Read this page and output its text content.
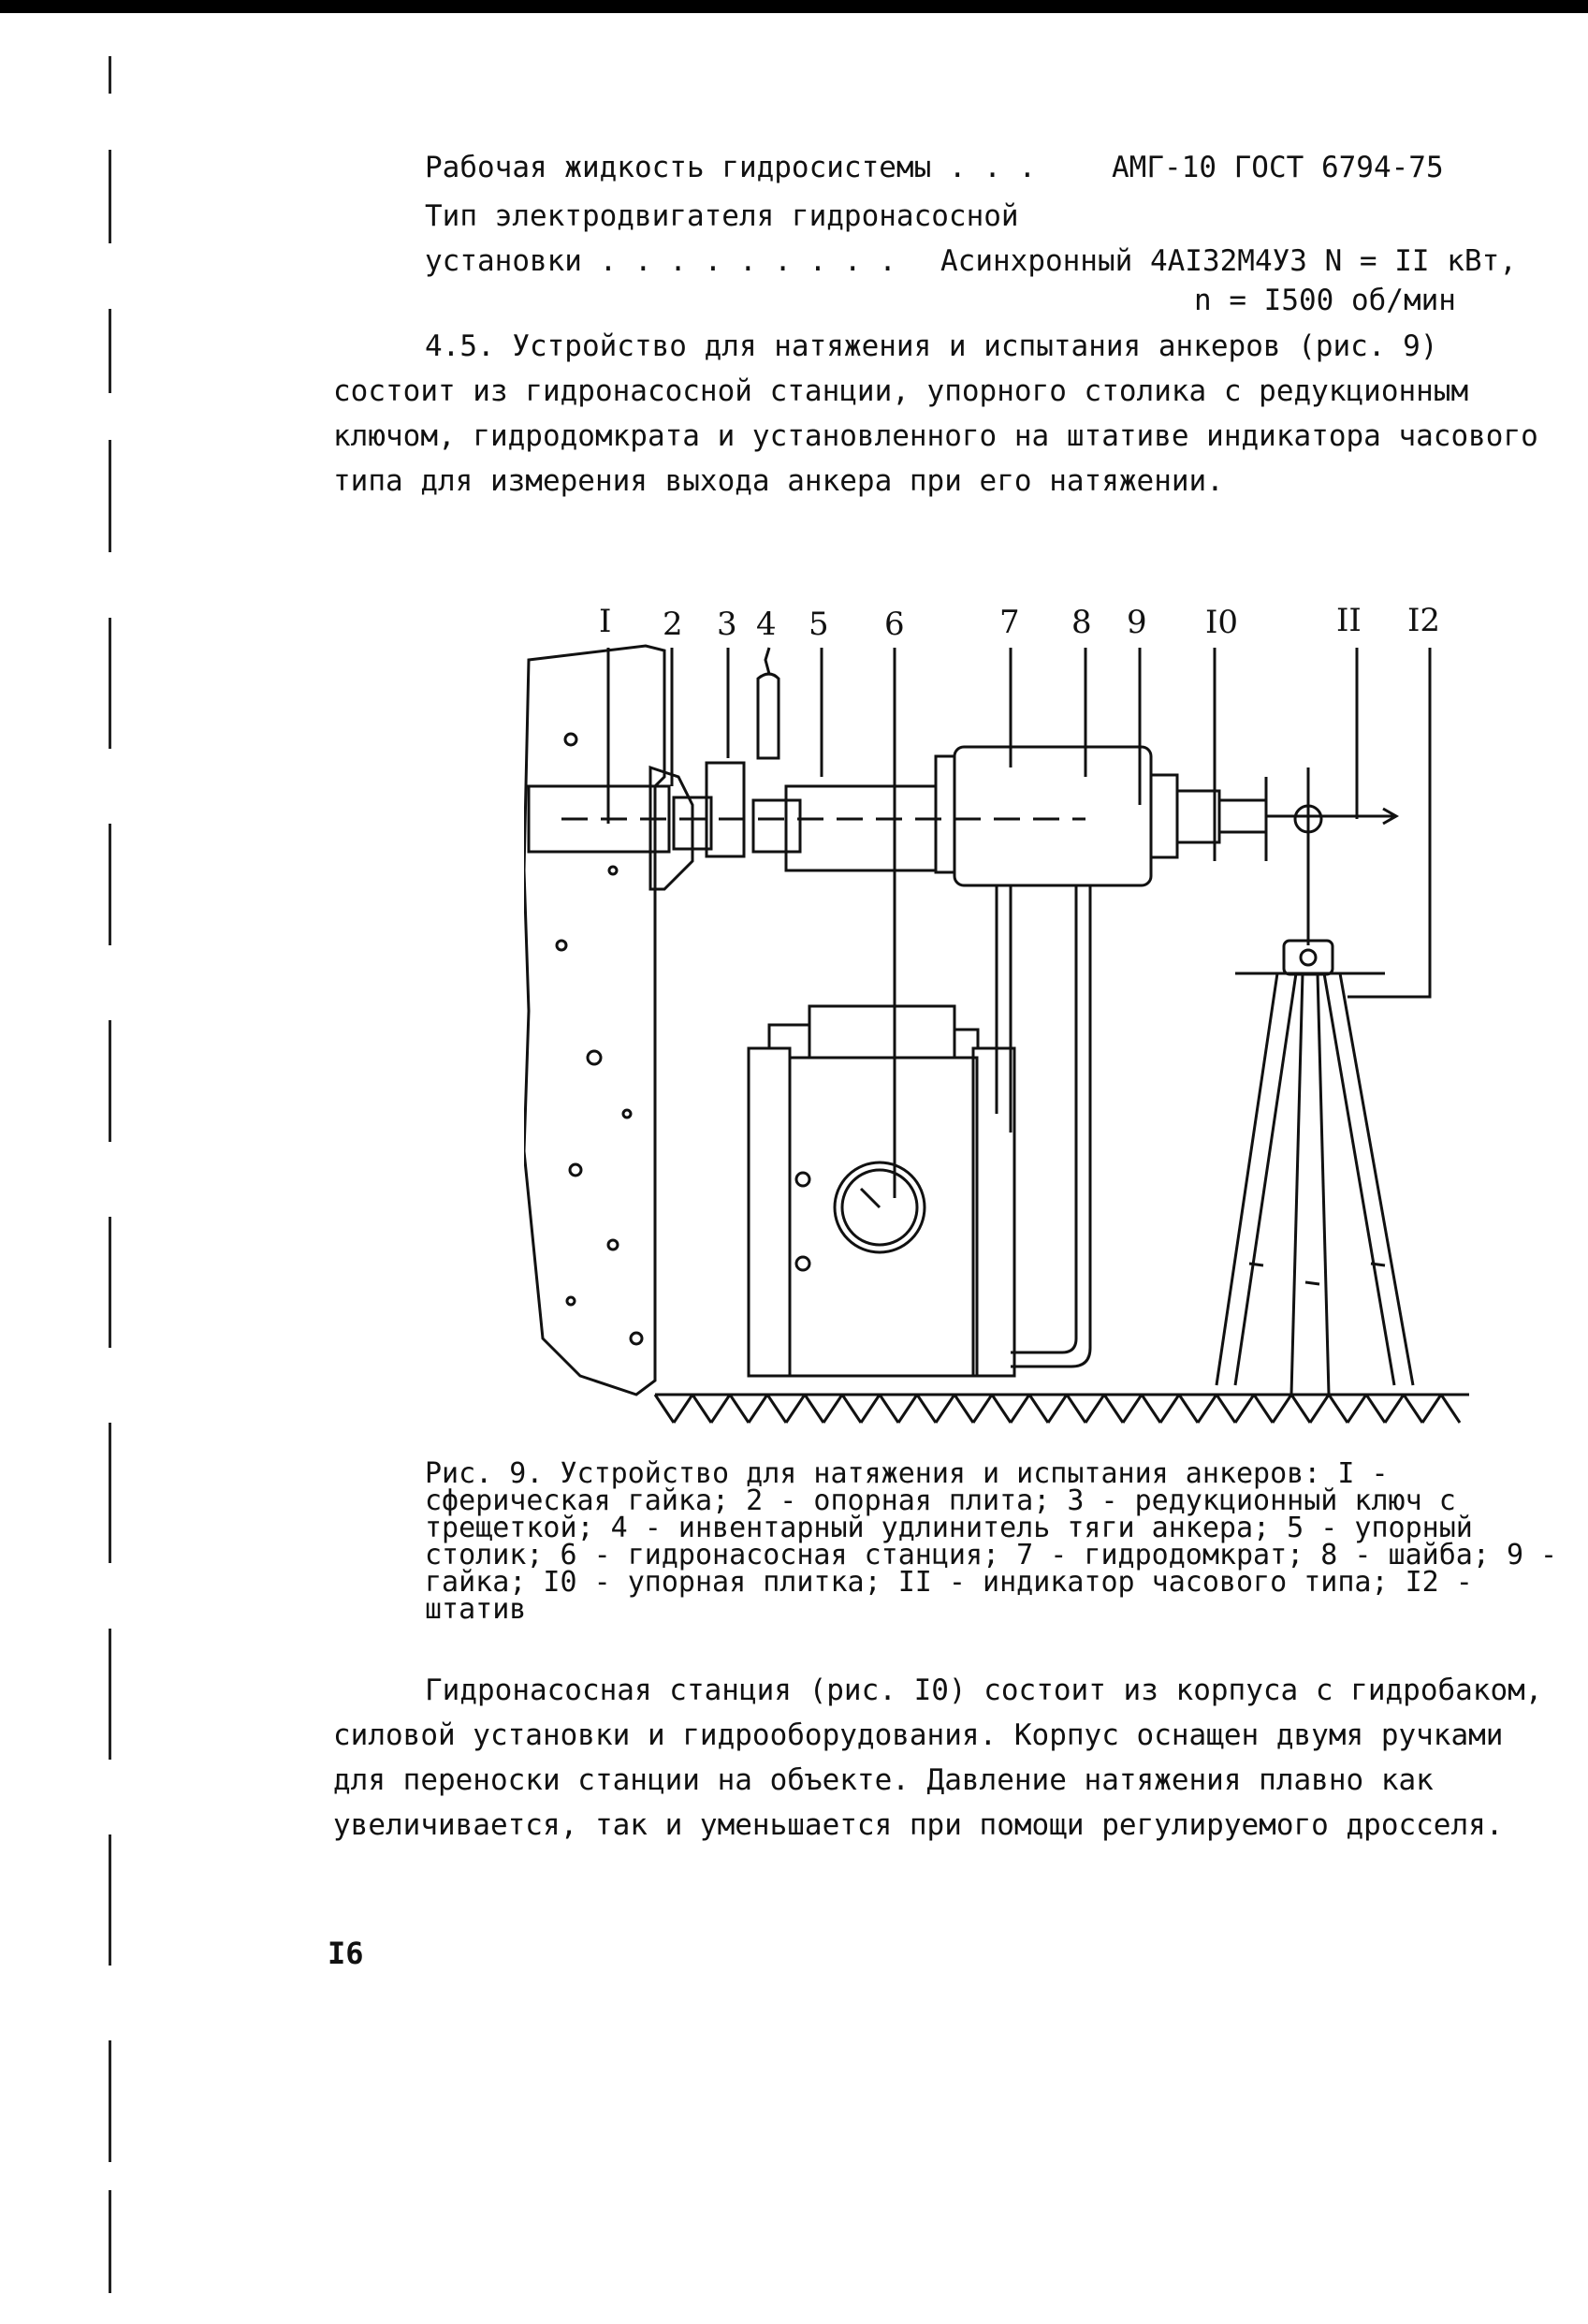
Рабочая жидкость гидросистемы . . .	АМГ-10 ГОСТ 6794-75
Тип электродвигателя гидронасосной
установки . . . . . . . . . Асинхронный 4АI32М4УЗ N = II кВт,
n = I500 об/мин
4.5. Устройство для натяжения и испытания анкеров (рис. 9) состоит из гидронасосной станции, упорного столика с редукционным ключом, гидродомкрата и установленного на штативе индикатора часового типа для измерения выхода анкера при его натяжении.
I 2 3 4 5 6	7 8 9 I0	II I2
Рис. 9. Устройство для натяжения и испытания анкеров: I - сферическая гайка; 2 - опорная плита; 3 - редукционный ключ с трещеткой; 4 - инвентарный удлинитель тяги анкера; 5 - упорный столик; 6 - гидронасосная станция; 7 - гидродомкрат; 8 - шайба; 9 - гайка; I0 - упорная плитка; II - индикатор часового типа; I2 - штатив
Гидронасосная станция (рис. I0) состоит из корпуса с гидробаком, силовой установки и гидрооборудования. Корпус оснащен двумя ручками для переноски станции на объекте. Давление натяжения плавно как увеличивается, так и уменьшается при помощи регулируемого дросселя.
I6
